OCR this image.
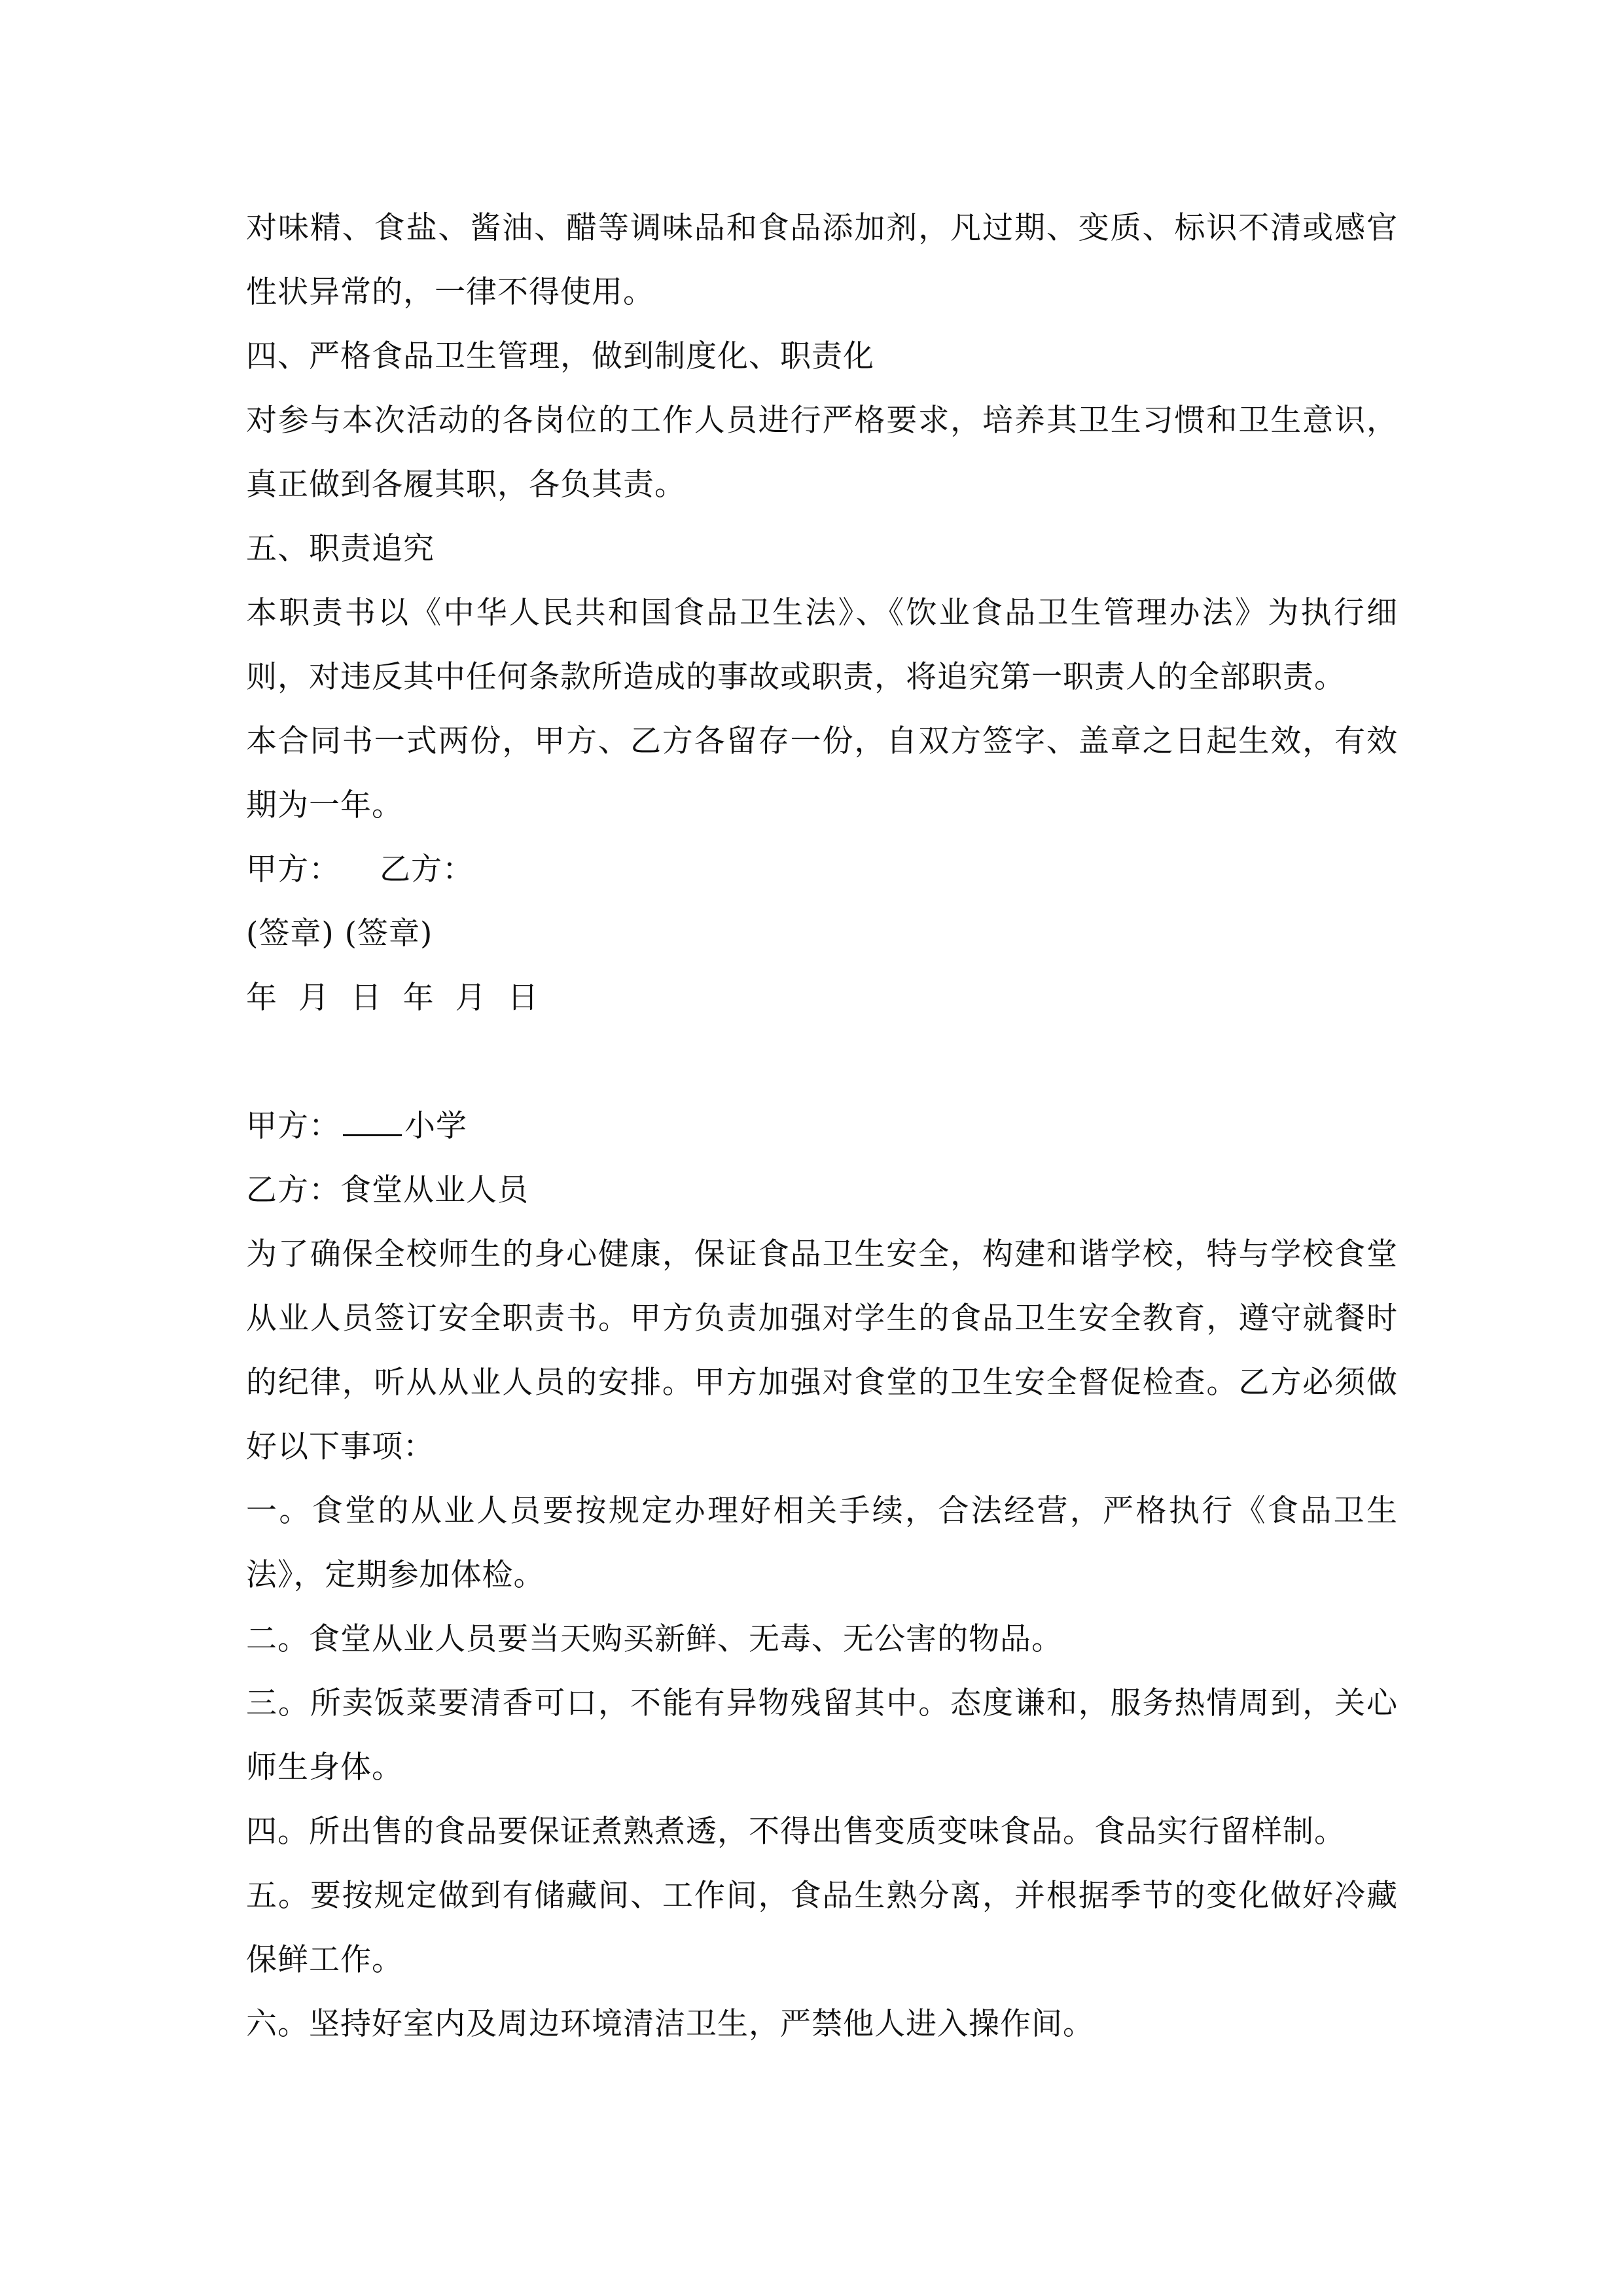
对味精、食盐、酱油、醋等调味品和食品添加剂，凡过期、变质、标识不清或感官性状异常的，一律不得使用。

四、严格食品卫生管理，做到制度化、职责化

对参与本次活动的各岗位的工作人员进行严格要求，培养其卫生习惯和卫生意识，真正做到各履其职，各负其责。

五、职责追究

本职责书以《中华人民共和国食品卫生法》、《饮业食品卫生管理办法》为执行细则，对违反其中任何条款所造成的事故或职责，将追究第一职责人的全部职责。

本合同书一式两份，甲方、乙方各留存一份，自双方签字、盖章之日起生效，有效期为一年。

甲方： 乙方：

(签章) (签章)

年  月  日  年  月  日

甲方： 小学

乙方：食堂从业人员

为了确保全校师生的身心健康，保证食品卫生安全，构建和谐学校，特与学校食堂从业人员签订安全职责书。甲方负责加强对学生的食品卫生安全教育，遵守就餐时的纪律，听从从业人员的安排。甲方加强对食堂的卫生安全督促检查。乙方必须做好以下事项：

一。食堂的从业人员要按规定办理好相关手续，合法经营，严格执行《食品卫生法》，定期参加体检。

二。食堂从业人员要当天购买新鲜、无毒、无公害的物品。

三。所卖饭菜要清香可口，不能有异物残留其中。态度谦和，服务热情周到，关心师生身体。

四。所出售的食品要保证煮熟煮透，不得出售变质变味食品。食品实行留样制。

五。要按规定做到有储藏间、工作间，食品生熟分离，并根据季节的变化做好冷藏保鲜工作。

六。坚持好室内及周边环境清洁卫生，严禁他人进入操作间。
